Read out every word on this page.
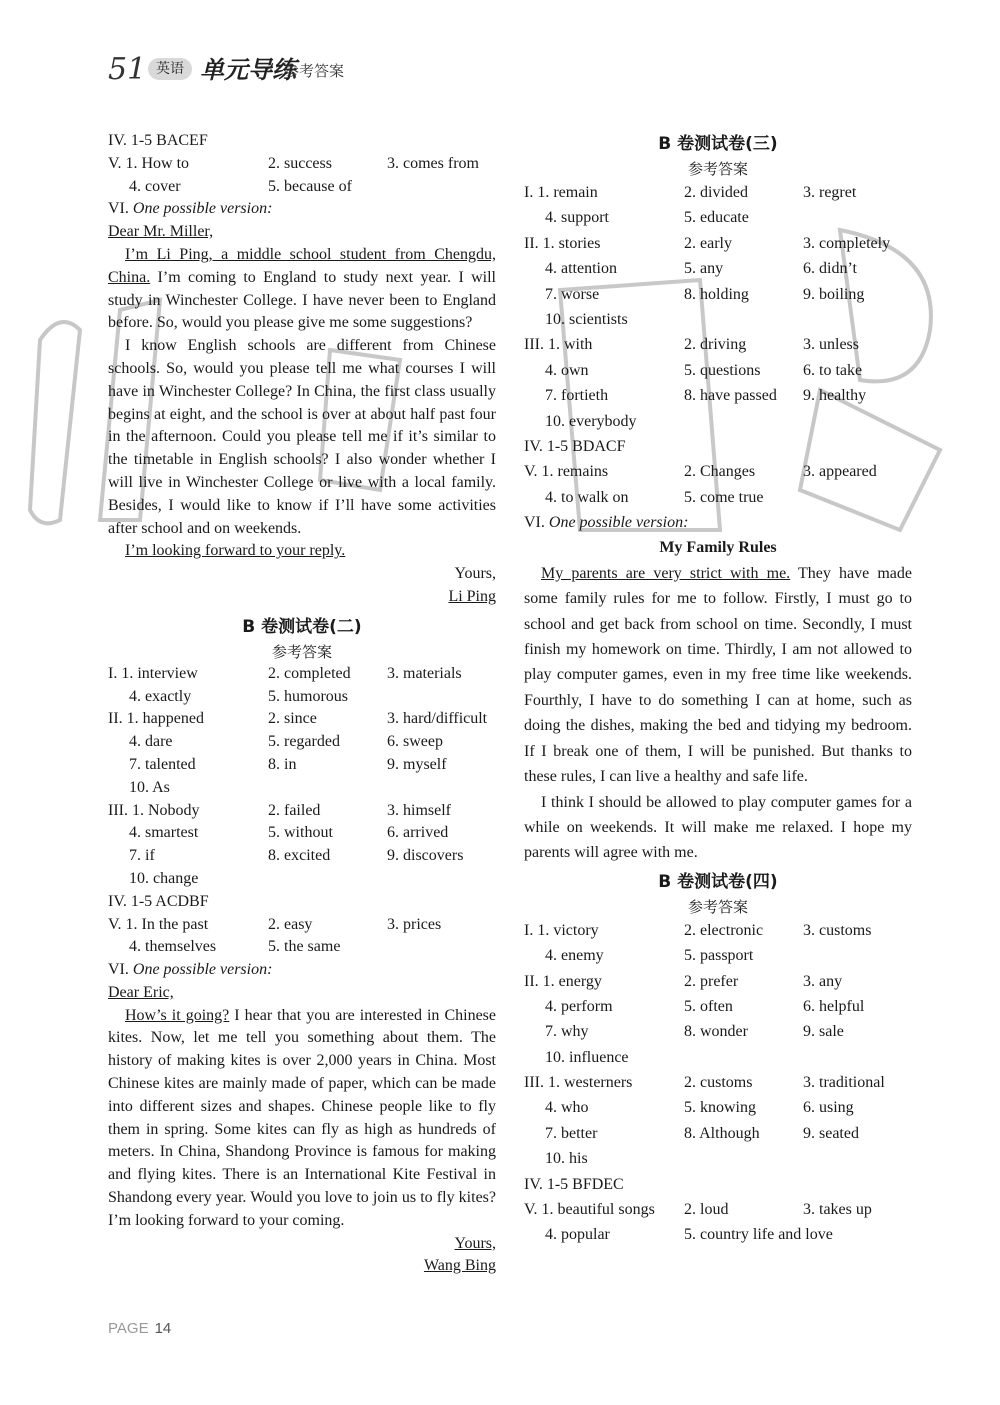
51 英语 单元导练
参考答案
IV. 1-5 BACEF
V. 1. How to	2. success	3. comes from
4. cover	5. because of
VI. One possible version:
Dear Mr. Miller,

I’m Li Ping, a middle school student from Chengdu, China. I’m coming to England to study next year. I will study in Winchester College. I have never been to England before. So, would you please give me some suggestions?

I know English schools are different from Chinese schools. So, would you please tell me what courses I will have in Winchester College? In China, the first class usually begins at eight, and the school is over at about half past four in the afternoon. Could you please tell me if it’s similar to the timetable in English schools? I also wonder whether I will live in Winchester College or live with a local family. Besides, I would like to know if I’ll have some activities after school and on weekends.

I’m looking forward to your reply.

Yours,
Li Ping
B 卷测试卷(二)
参考答案
I. 1. interview	2. completed 3. materials
4. exactly	5. humorous
II. 1. happened	2. since	3. hard/difficult
4. dare	5. regarded	6. sweep
7. talented	8. in	9. myself
10. As
III. 1. Nobody	2. failed	3. himself
4. smartest	5. without	6. arrived
7. if	8. excited	9. discovers
10. change
IV. 1-5 ACDBF
V. 1. In the past	2. easy	3. prices
4. themselves	5. the same
VI. One possible version:
Dear Eric,

How’s it going? I hear that you are interested in Chinese kites. Now, let me tell you something about them. The history of making kites is over 2,000 years in China. Most Chinese kites are mainly made of paper, which can be made into different sizes and shapes. Chinese people like to fly them in spring. Some kites can fly as high as hundreds of meters. In China, Shandong Province is famous for making and flying kites. There is an International Kite Festival in Shandong every year. Would you love to join us to fly kites? I’m looking forward to your coming.

Yours,
Wang Bing
B 卷测试卷(三)
参考答案
I. 1. remain	2. divided	3. regret
4. support	5. educate
II. 1. stories	2. early	3. completely
4. attention	5. any	6. didn’t
7. worse	8. holding	9. boiling
10. scientists
III. 1. with	2. driving	3. unless
4. own	5. questions	6. to take
7. fortieth	8. have passed 9. healthy
10. everybody
IV. 1-5 BDACF
V. 1. remains	2. Changes	3. appeared
4. to walk on	5. come true
VI. One possible version:
My Family Rules

My parents are very strict with me. They have made some family rules for me to follow. Firstly, I must go to school and get back from school on time. Secondly, I must finish my homework on time. Thirdly, I am not allowed to play computer games, even in my free time like weekends. Fourthly, I have to do something I can at home, such as doing the dishes, making the bed and tidying my bedroom. If I break one of them, I will be punished. But thanks to these rules, I can live a healthy and safe life.

I think I should be allowed to play computer games for a while on weekends. It will make me relaxed. I hope my parents will agree with me.

B 卷测试卷(四)
参考答案
I. 1. victory	2. electronic 3. customs
4. enemy	5. passport
II. 1. energy	2. prefer	3. any
4. perform	5. often	6. helpful
7. why	8. wonder	9. sale
10. influence
III. 1. westerners	2. customs	3. traditional
4. who	5. knowing	6. using
7. better	8. Although	9. seated
10. his
IV. 1-5 BFDEC
V. 1. beautiful songs 2. loud	3. takes up
4. popular	5. country life and love
PAGE 14
